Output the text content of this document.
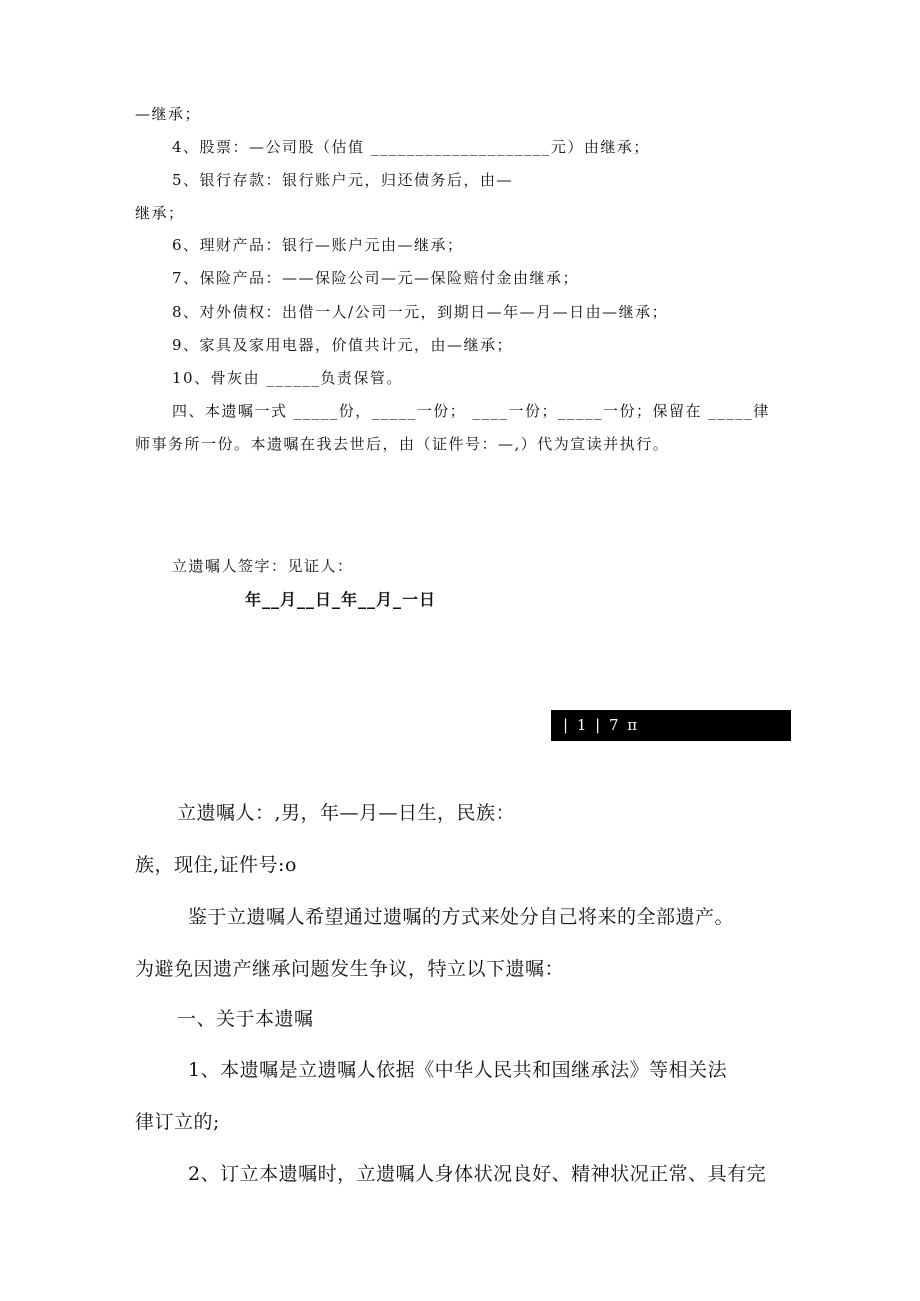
—继承；
4、股票：—公司股（估值 ____________________元）由继承；
5、银行存款：银行账户元，归还债务后，由—
继承；
6、理财产品：银行—账户元由—继承；
7、保险产品：——保险公司—元—保险赔付金由继承；
8、对外债权：出借一人/公司一元，到期日—年—月—日由—继承；
9、家具及家用电器，价值共计元，由—继承；
10、骨灰由 ______负责保管。
四、本遗嘱一式 _____份，_____一份； ____一份；_____一份；保留在 _____律
师事务所一份。本遗嘱在我去世后，由（证件号：—,）代为宣读并执行。
立遗嘱人签字：见证人：
年__月__日_年__月_一日
| 1 | 7 π
立遗嘱人：,男，年—月—日生，民族：
族，现住,证件号:o
鉴于立遗嘱人希望通过遗嘱的方式来处分自己将来的全部遗产。
为避免因遗产继承问题发生争议，特立以下遗嘱：
一、关于本遗嘱
1、本遗嘱是立遗嘱人依据《中华人民共和国继承法》等相关法
律订立的;
2、订立本遗嘱时，立遗嘱人身体状况良好、精神状况正常、具有完
